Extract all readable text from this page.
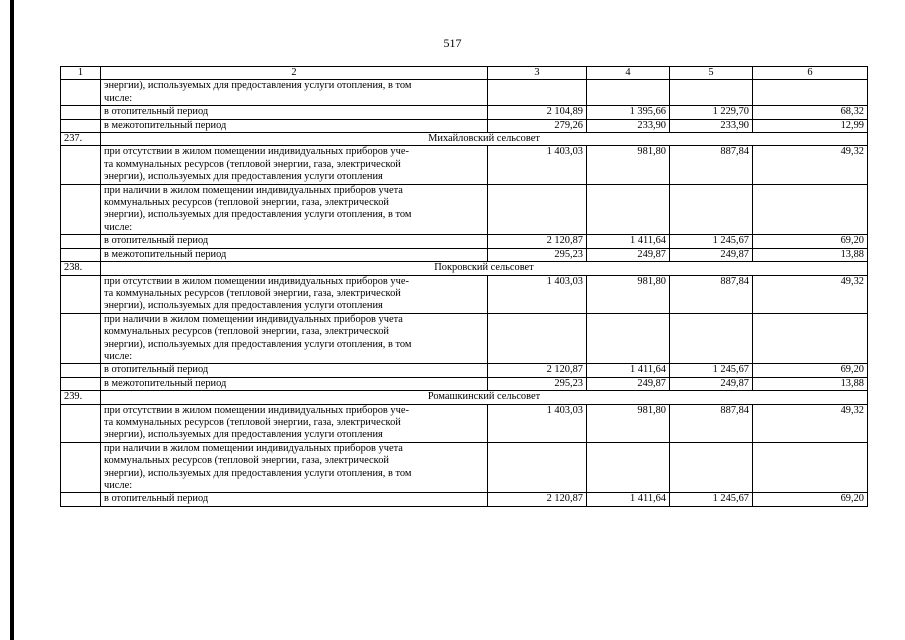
517
1	2	3	4	5	6

	энергии), используемых для предоставления услуги отопления, в том
числе:				

	в отопительный период	2 104,89	1 395,66	1 229,70	68,32
	в межотопительный период	279,26	233,90	233,90	12,99
237.	Михайловский сельсовет				

	при отсутствии в жилом помещении индивидуальных приборов уче-
та коммунальных ресурсов (тепловой энергии, газа, электрической
энергии), используемых для предоставления услуги отопления	1 403,03	981,80	887,84	49,32

	при наличии в жилом помещении индивидуальных приборов учета
коммунальных ресурсов (тепловой энергии, газа, электрической
энергии), используемых для предоставления услуги отопления, в том
числе:				

	в отопительный период	2 120,87	1 411,64	1 245,67	69,20
	в межотопительный период	295,23	249,87	249,87	13,88
238.	Покровский сельсовет				

	при отсутствии в жилом помещении индивидуальных приборов уче-
та коммунальных ресурсов (тепловой энергии, газа, электрической
энергии), используемых для предоставления услуги отопления	1 403,03	981,80	887,84	49,32

	при наличии в жилом помещении индивидуальных приборов учета
коммунальных ресурсов (тепловой энергии, газа, электрической
энергии), используемых для предоставления услуги отопления, в том
числе:				

	в отопительный период	2 120,87	1 411,64	1 245,67	69,20
	в межотопительный период	295,23	249,87	249,87	13,88
239.	Ромашкинский сельсовет				

	при отсутствии в жилом помещении индивидуальных приборов уче-
та коммунальных ресурсов (тепловой энергии, газа, электрической
энергии), используемых для предоставления услуги отопления	1 403,03	981,80	887,84	49,32

	при наличии в жилом помещении индивидуальных приборов учета
коммунальных ресурсов (тепловой энергии, газа, электрической
энергии), используемых для предоставления услуги отопления, в том
числе:				

	в отопительный период	2 120,87	1 411,64	1 245,67	69,20
